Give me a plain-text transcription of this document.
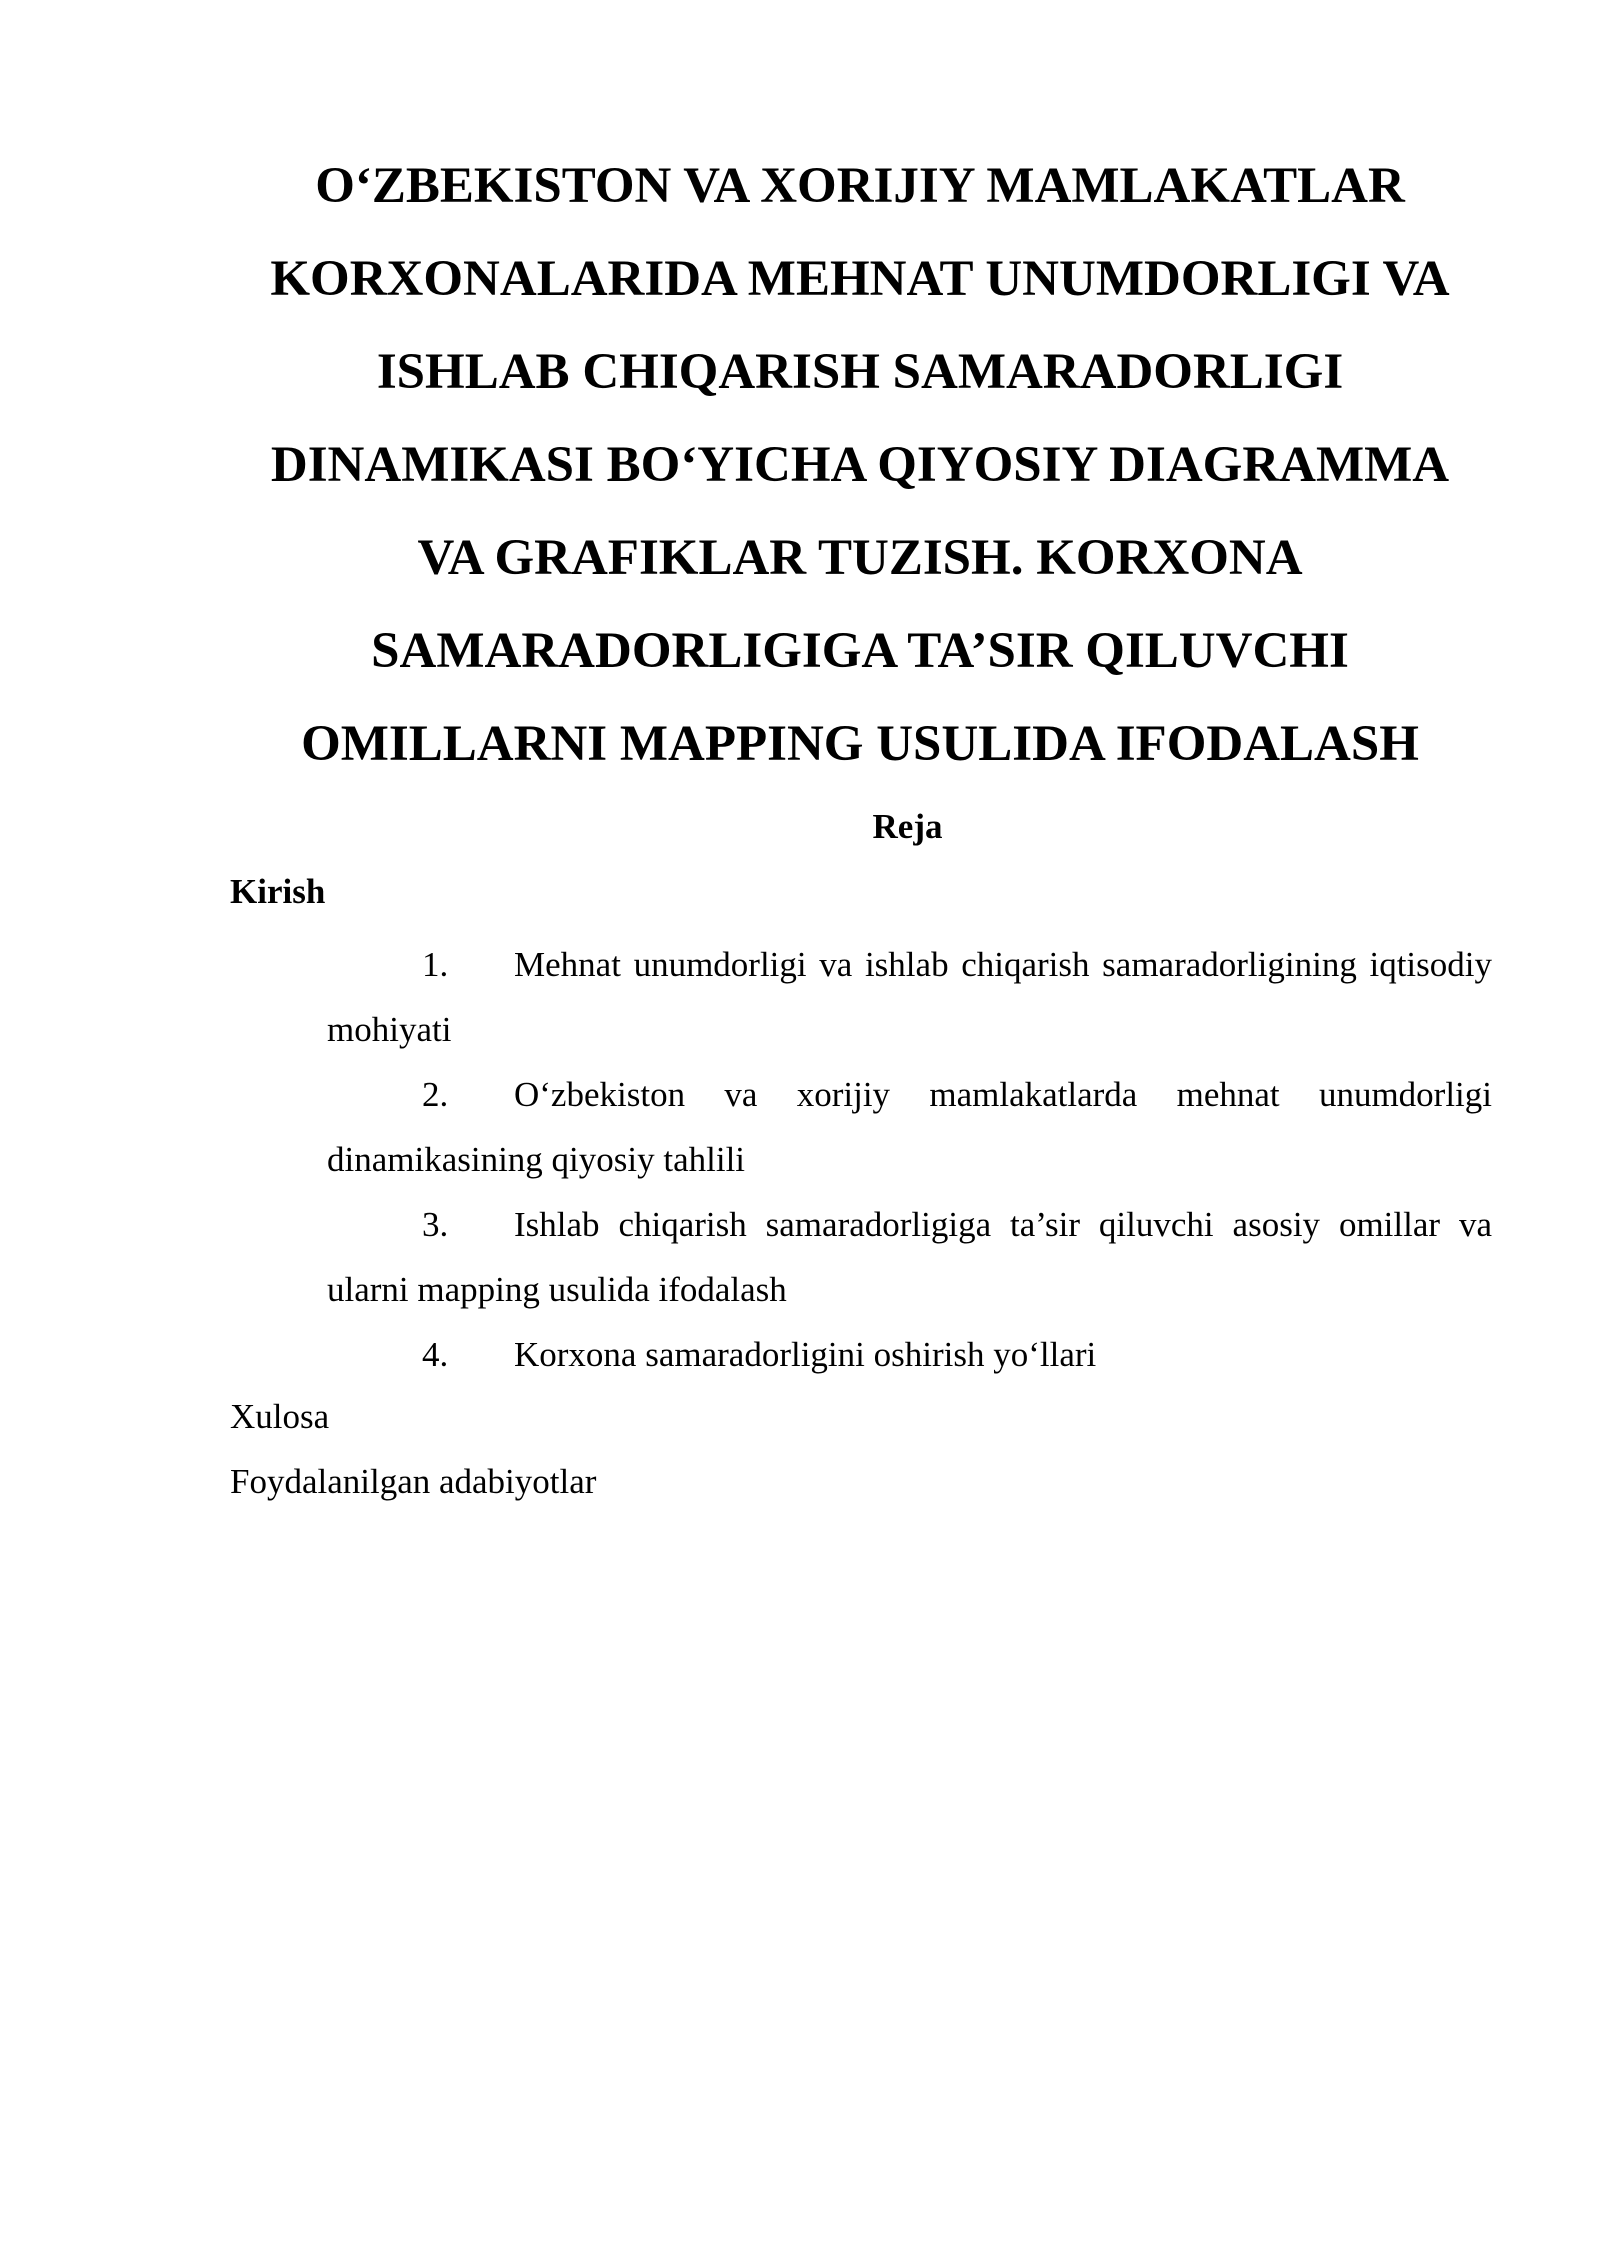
O‘ZBEKISTON VA XORIJIY MAMLAKATLAR
KORXONALARIDA MEHNAT UNUMDORLIGI VA
ISHLAB CHIQARISH SAMARADORLIGI
DINAMIKASI BO‘YICHA QIYOSIY DIAGRAMMA
VA GRAFIKLAR TUZISH. KORXONA
SAMARADORLIGIGA TA’SIR QILUVCHI
OMILLARNI MAPPING USULIDA IFODALASH
Reja

Kirish

1. Mehnat unumdorligi va ishlab chiqarish samaradorligining iqtisodiy mohiyati
2. O‘zbekiston va xorijiy mamlakatlarda mehnat unumdorligi dinamikasining qiyosiy tahlili
3. Ishlab chiqarish samaradorligiga ta’sir qiluvchi asosiy omillar va ularni mapping usulida ifodalash
4. Korxona samaradorligini oshirish yo‘llari

Xulosa

Foydalanilgan adabiyotlar
